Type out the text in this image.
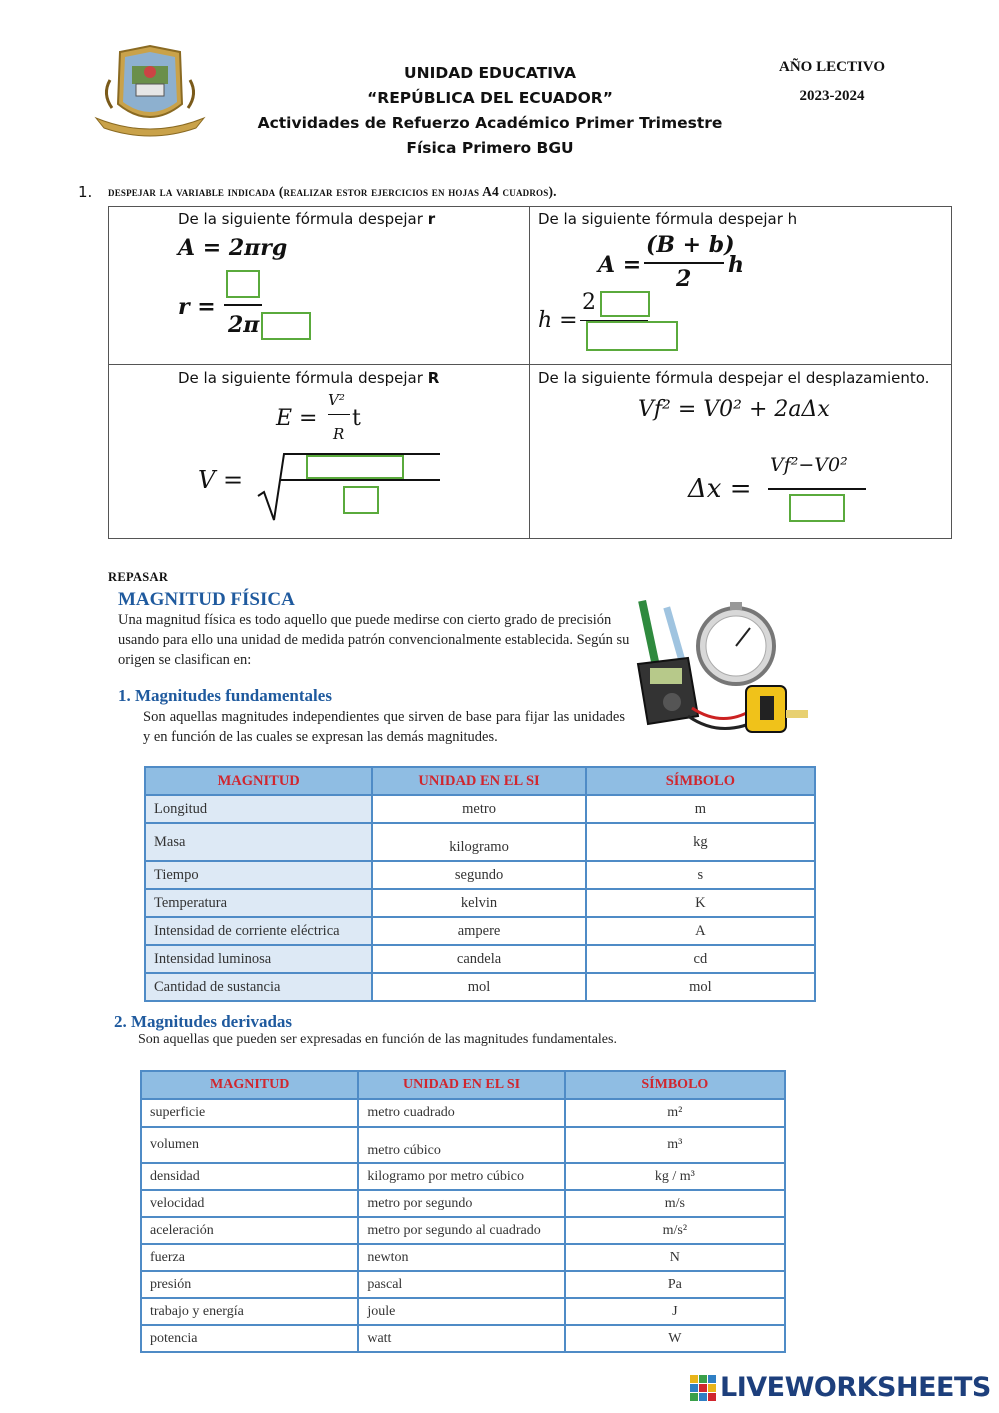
UNIDAD EDUCATIVA
“REPÚBLICA DEL ECUADOR”
Actividades de Refuerzo Académico Primer Trimestre
Física Primero BGU
AÑO LECTIVO
2023-2024
1. despejar la variable indicada (realizar estor ejercicios en hojas A4 cuadros).
De la siguiente fórmula despejar r
A = 2πrg
r =
2π
De la siguiente fórmula despejar h
A =
(B + b)
2
h
h =
2
De la siguiente fórmula despejar R
E =
V²
R
t
V =
De la siguiente fórmula despejar el desplazamiento.
Vf² = V0² + 2aΔx
Δx =
Vf²−V0²
REPASAR
MAGNITUD FÍSICA
Una magnitud física es todo aquello que puede medirse con cierto grado de precisión usando para ello una unidad de medida patrón convencionalmente establecida. Según su origen se clasifican en:
1. Magnitudes fundamentales
Son aquellas magnitudes independientes que sirven de base para fijar las unidades y en función de las cuales se expresan las demás magnitudes.
MAGNITUD	UNIDAD EN EL SI	SÍMBOLO
Longitud	metro	m
Masa	kilogramo	kg
Tiempo	segundo	s
Temperatura	kelvin	K
Intensidad de corriente eléctrica	ampere	A
Intensidad luminosa	candela	cd
Cantidad de sustancia	mol	mol
2. Magnitudes derivadas
Son aquellas que pueden ser expresadas en función de las magnitudes fundamentales.
MAGNITUD	UNIDAD EN EL SI	SÍMBOLO
superficie	metro cuadrado	m²
volumen	metro cúbico	m³
densidad	kilogramo por metro cúbico	kg / m³
velocidad	metro por segundo	m/s
aceleración	metro por segundo al cuadrado	m/s²
fuerza	newton	N
presión	pascal	Pa
trabajo y energía	joule	J
potencia	watt	W
LIVEWORKSHEETS
